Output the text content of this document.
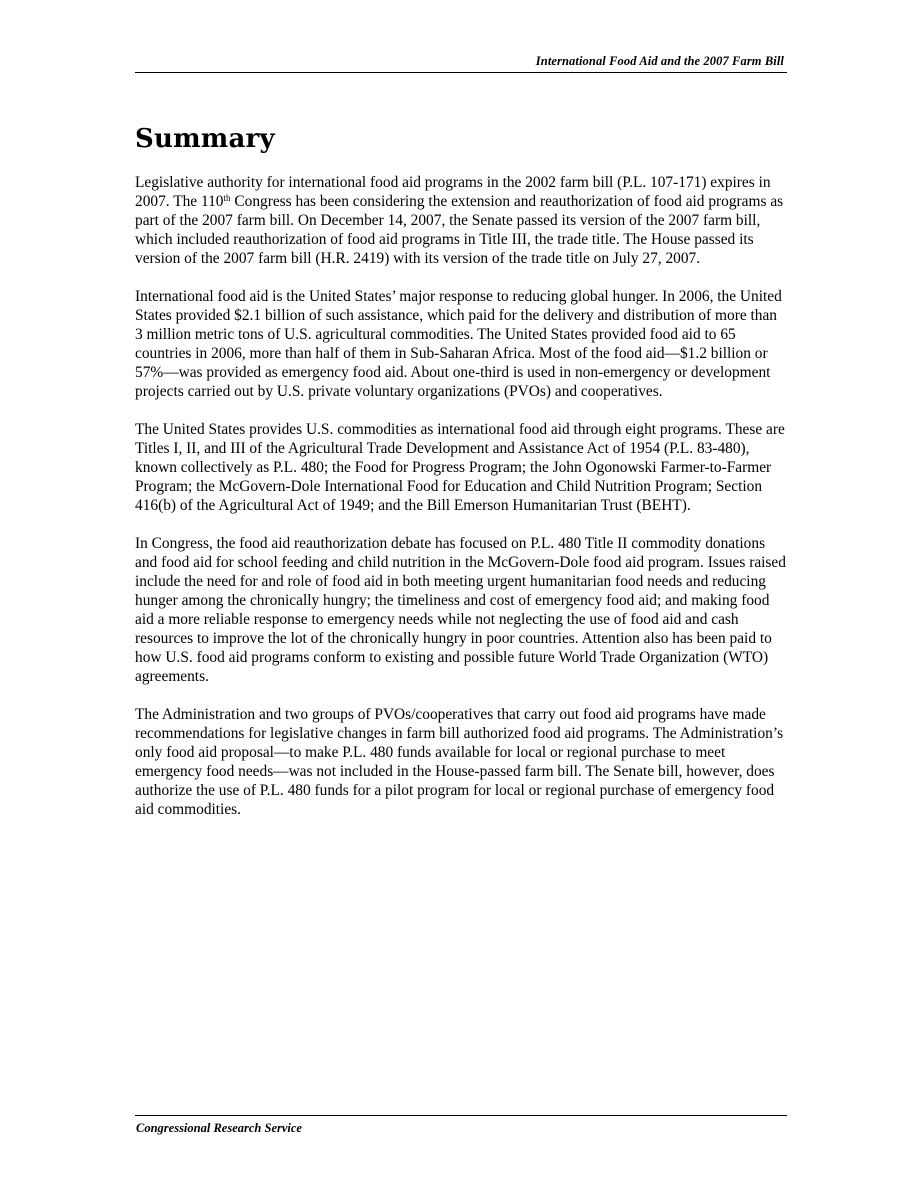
International Food Aid and the 2007 Farm Bill
Summary

Legislative authority for international food aid programs in the 2002 farm bill (P.L. 107-171) expires in 2007. The 110th Congress has been considering the extension and reauthorization of food aid programs as part of the 2007 farm bill. On December 14, 2007, the Senate passed its version of the 2007 farm bill, which included reauthorization of food aid programs in Title III, the trade title. The House passed its version of the 2007 farm bill (H.R. 2419) with its version of the trade title on July 27, 2007.

International food aid is the United States’ major response to reducing global hunger. In 2006, the United States provided $2.1 billion of such assistance, which paid for the delivery and distribution of more than 3 million metric tons of U.S. agricultural commodities. The United States provided food aid to 65 countries in 2006, more than half of them in Sub-Saharan Africa. Most of the food aid—$1.2 billion or 57%—was provided as emergency food aid. About one-third is used in non-emergency or development projects carried out by U.S. private voluntary organizations (PVOs) and cooperatives.

The United States provides U.S. commodities as international food aid through eight programs. These are Titles I, II, and III of the Agricultural Trade Development and Assistance Act of 1954 (P.L. 83-480), known collectively as P.L. 480; the Food for Progress Program; the John Ogonowski Farmer-to-Farmer Program; the McGovern-Dole International Food for Education and Child Nutrition Program; Section 416(b) of the Agricultural Act of 1949; and the Bill Emerson Humanitarian Trust (BEHT).

In Congress, the food aid reauthorization debate has focused on P.L. 480 Title II commodity donations and food aid for school feeding and child nutrition in the McGovern-Dole food aid program. Issues raised include the need for and role of food aid in both meeting urgent humanitarian food needs and reducing hunger among the chronically hungry; the timeliness and cost of emergency food aid; and making food aid a more reliable response to emergency needs while not neglecting the use of food aid and cash resources to improve the lot of the chronically hungry in poor countries. Attention also has been paid to how U.S. food aid programs conform to existing and possible future World Trade Organization (WTO) agreements.

The Administration and two groups of PVOs/cooperatives that carry out food aid programs have made recommendations for legislative changes in farm bill authorized food aid programs. The Administration’s only food aid proposal—to make P.L. 480 funds available for local or regional purchase to meet emergency food needs—was not included in the House-passed farm bill. The Senate bill, however, does authorize the use of P.L. 480 funds for a pilot program for local or regional purchase of emergency food aid commodities.

Congressional Research Service
